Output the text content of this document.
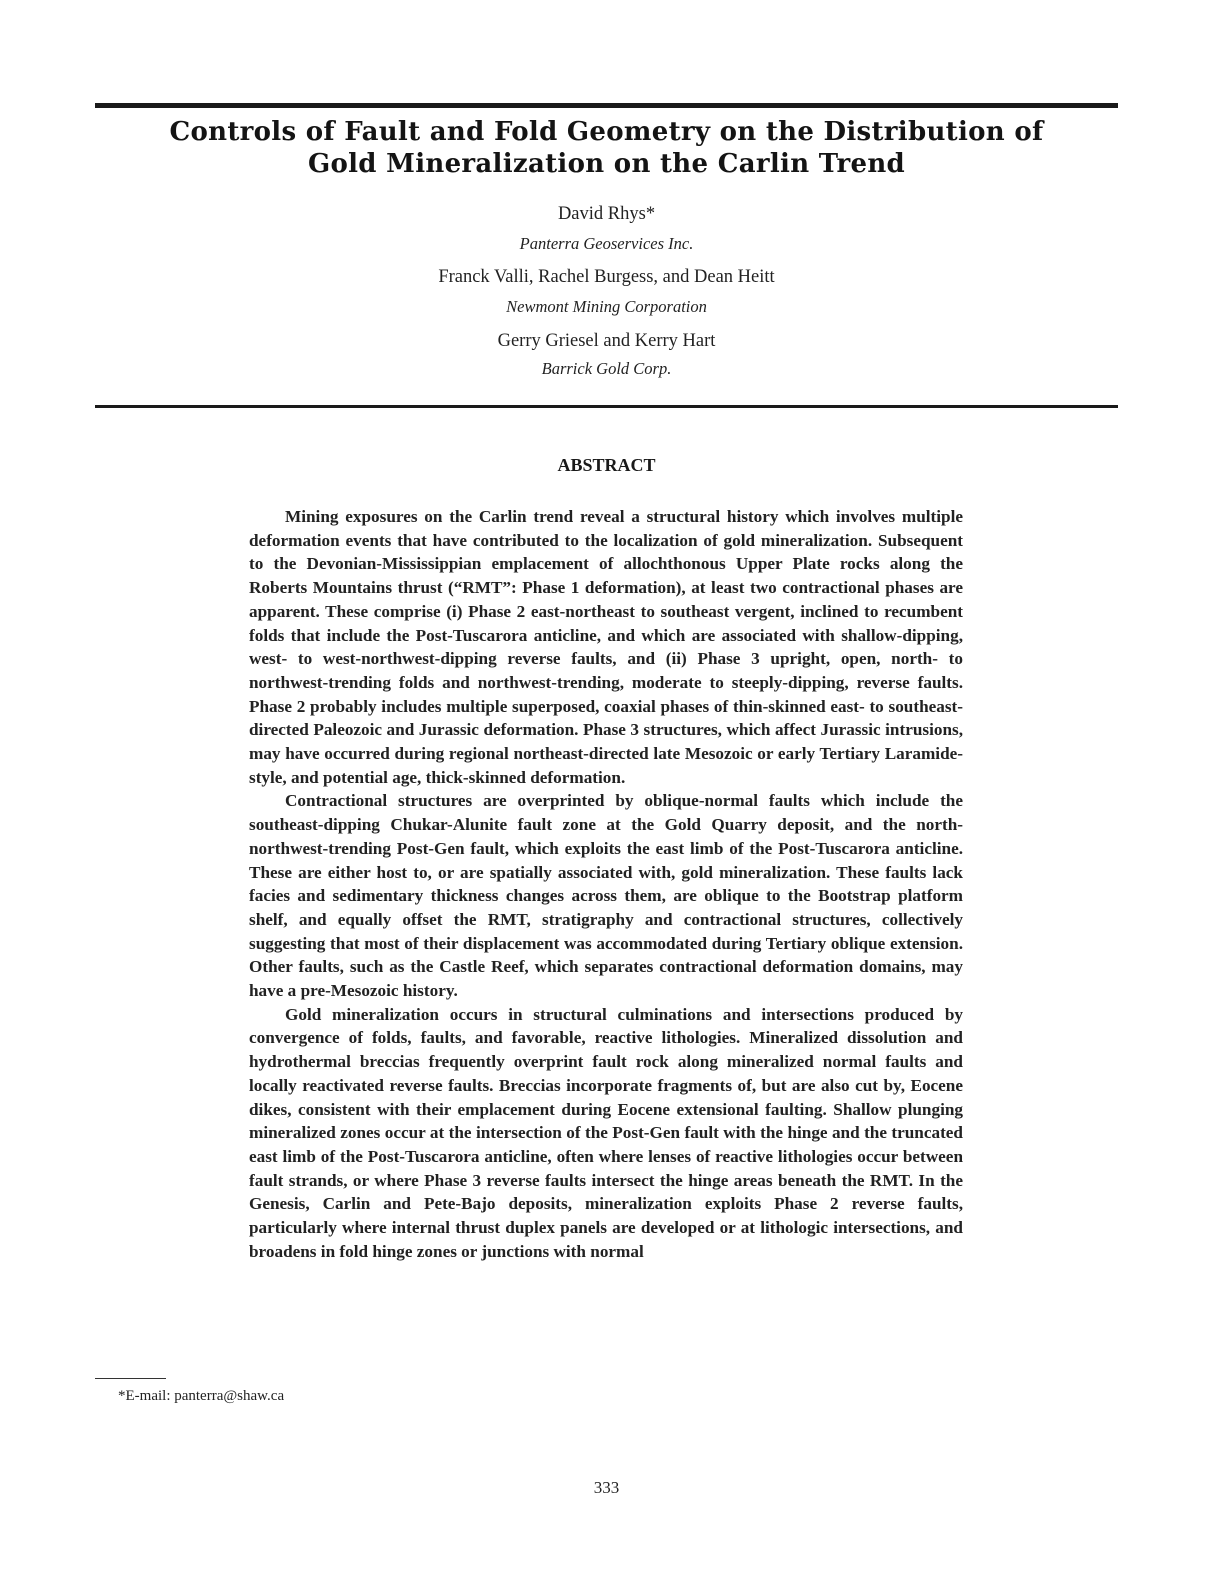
Controls of Fault and Fold Geometry on the Distribution of
Gold Mineralization on the Carlin Trend
David Rhys*
Panterra Geoservices Inc.
Franck Valli, Rachel Burgess, and Dean Heitt
Newmont Mining Corporation
Gerry Griesel and Kerry Hart
Barrick Gold Corp.
ABSTRACT

Mining exposures on the Carlin trend reveal a structural history which involves multiple deformation events that have contributed to the localization of gold mineralization. Subsequent to the Devonian-Mississippian emplacement of allochthonous Upper Plate rocks along the Roberts Mountains thrust (“RMT”: Phase 1 deformation), at least two contractional phases are apparent. These comprise (i) Phase 2 east-northeast to southeast vergent, inclined to recumbent folds that include the Post-Tuscarora anticline, and which are associated with shallow-dipping, west- to west-northwest-dipping reverse faults, and (ii) Phase 3 upright, open, north- to northwest-trending folds and northwest-trending, moderate to steeply-dipping, reverse faults. Phase 2 probably includes multiple superposed, coaxial phases of thin-skinned east- to southeast-directed Paleozoic and Jurassic deformation. Phase 3 structures, which affect Jurassic intrusions, may have occurred during regional northeast-directed late Mesozoic or early Tertiary Laramide-style, and potential age, thick-skinned deformation.

Contractional structures are overprinted by oblique-normal faults which include the southeast-dipping Chukar-Alunite fault zone at the Gold Quarry deposit, and the north-northwest-trending Post-Gen fault, which exploits the east limb of the Post-Tuscarora anticline. These are either host to, or are spatially associated with, gold mineralization. These faults lack facies and sedimentary thickness changes across them, are oblique to the Bootstrap platform shelf, and equally offset the RMT, stratigraphy and contractional structures, collectively suggesting that most of their displacement was accommodated during Tertiary oblique extension. Other faults, such as the Castle Reef, which separates contractional deformation domains, may have a pre-Mesozoic history.

Gold mineralization occurs in structural culminations and intersections produced by convergence of folds, faults, and favorable, reactive lithologies. Mineralized dissolution and hydrothermal breccias frequently overprint fault rock along mineralized normal faults and locally reactivated reverse faults. Breccias incorporate fragments of, but are also cut by, Eocene dikes, consistent with their emplacement during Eocene extensional faulting. Shallow plunging mineralized zones occur at the intersection of the Post-Gen fault with the hinge and the truncated east limb of the Post-Tuscarora anticline, often where lenses of reactive lithologies occur between fault strands, or where Phase 3 reverse faults intersect the hinge areas beneath the RMT. In the Genesis, Carlin and Pete-Bajo deposits, mineralization exploits Phase 2 reverse faults, particularly where internal thrust duplex panels are developed or at lithologic intersections, and broadens in fold hinge zones or junctions with normal

*E-mail: panterra@shaw.ca
333
